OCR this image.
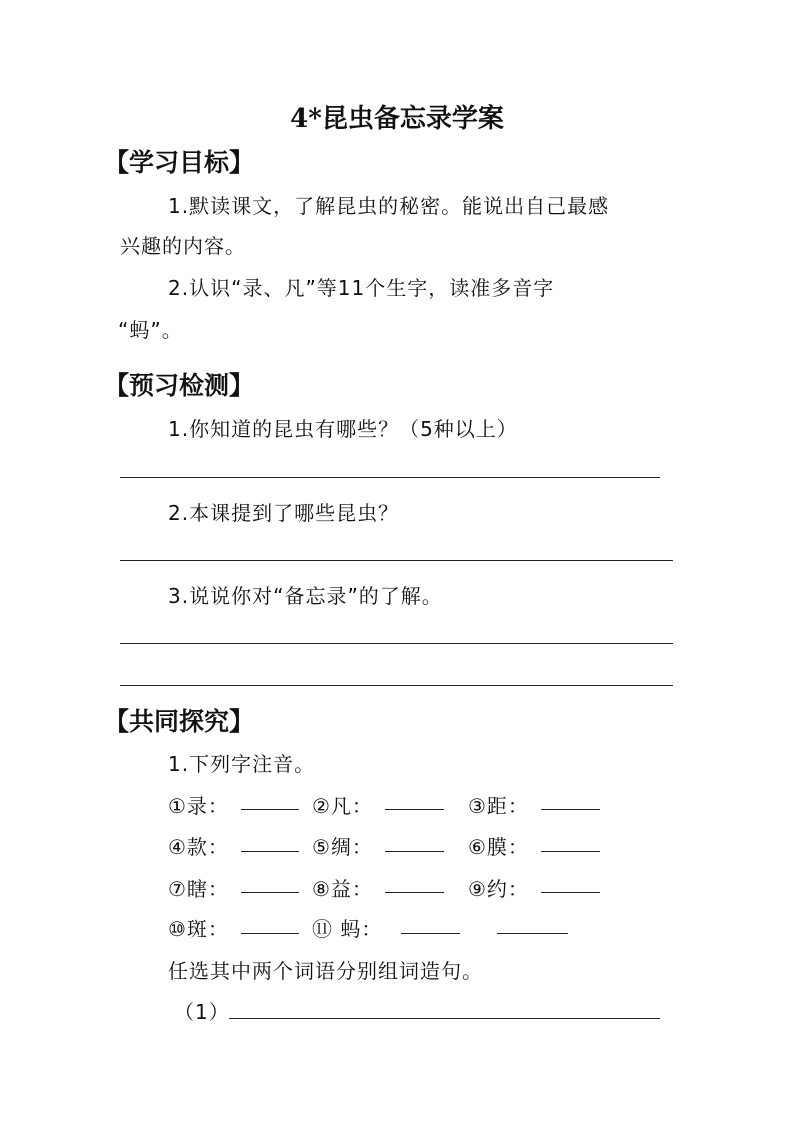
4*昆虫备忘录学案
【学习目标】
1.默读课文，了解昆虫的秘密。能说出自己最感
兴趣的内容。
2.认识“录、凡”等11个生字，读准多音字
“蚂”。
【预习检测】
1.你知道的昆虫有哪些？（5种以上）
2.本课提到了哪些昆虫？
3.说说你对“备忘录”的了解。
【共同探究】
1.下列字注音。
①录：	②凡：	③距：
④款：	⑤绸：	⑥膜：
⑦瞎：	⑧益：	⑨约：
⑩斑：	⑪ 蚂：
任选其中两个词语分别组词造句。
（1）
